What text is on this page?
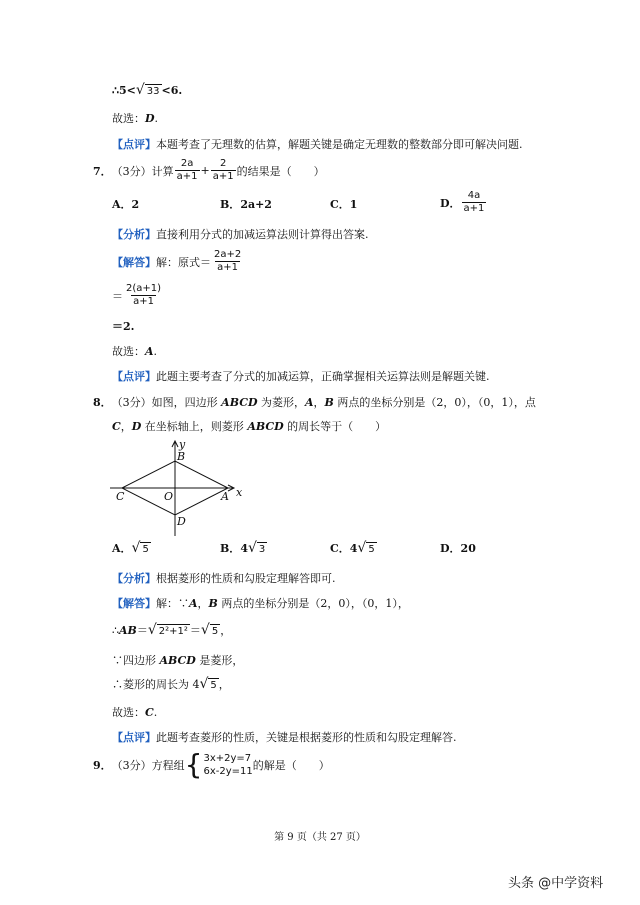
∴5< √ 33 <6.
故选： D .
【点评】 本题考查了无理数的估算，解题关键是确定无理数的整数部分即可解决问题.
7． （3分）计算 $\frac{2a}{a+1} + \frac{2}{a+1}$ 的结果是（　　）
A．2	B．2a+2	C．1	D． $\frac{4a}{a+1}$
【分析】 直接利用分式的加减运算法则计算得出答案.
【解答】 解：原式＝ $\frac{2a+2}{a+1}$
＝ $\frac{2(a+1)}{a+1}$
＝2.
故选： A .
【点评】 此题主要考查了分式的加减运算，正确掌握相关运算法则是解题关键.
8． （3分）如图，四边形 ABCD 为菱形， A ， B 两点的坐标分别是（2，0），（0，1），点
C ， D 在坐标轴上，则菱形 ABCD 的周长等于（　　）
y
x
B
C	O	A
D
A． √ 5	B． 4 √ 3	C． 4 √ 5	D． 20
【分析】 根据菱形的性质和勾股定理解答即可.
【解答】 解：∵ A ， B 两点的坐标分别是（2，0），（0，1），
∴ AB ＝ √ 2²+1² ＝ √ 5 ，
∵四边形 ABCD 是菱形，
∴菱形的周长为 4 √ 5 ，
故选： C .
【点评】 此题考查菱形的性质，关键是根据菱形的性质和勾股定理解答.
9． （3分）方程组 { 3x+2y=7
6x-2y=11 的解是（　　）
第 9 页（共 27 页）
头条 @中学资料
